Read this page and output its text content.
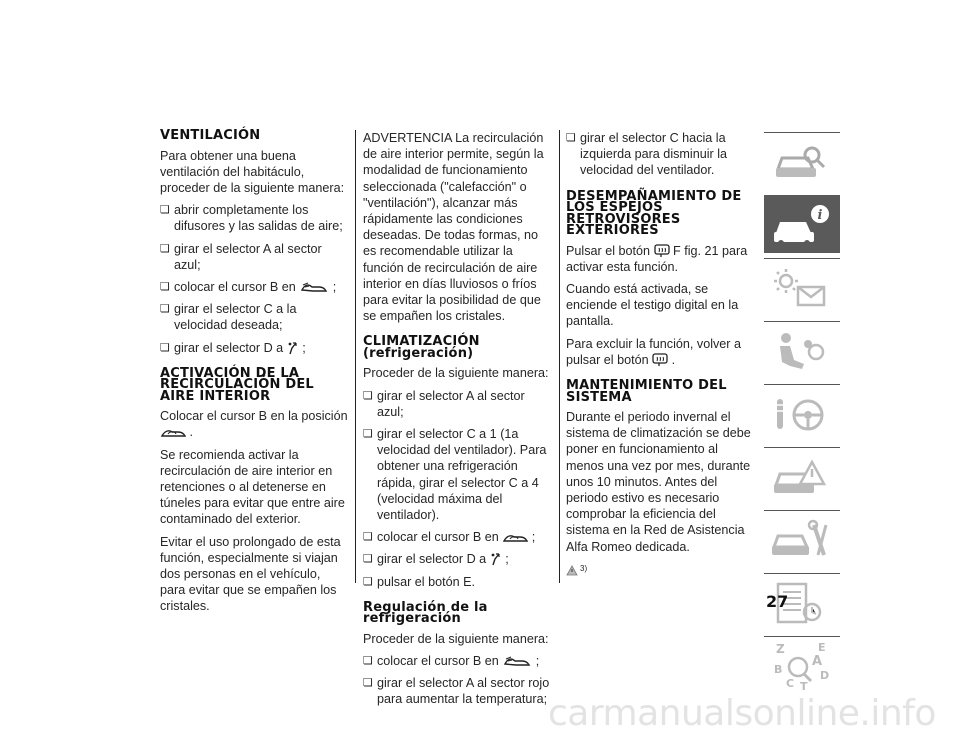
VENTILACIÓN

Para obtener una buena ventilación del habitáculo, proceder de la siguiente manera:

❏ abrir completamente los difusores y las salidas de aire;
❏ girar el selector A al sector azul;
❏ colocar el cursor B en	;
❏ girar el selector C a la velocidad deseada;
❏ girar el selector D a ;
ACTIVACIÓN DE LA RECIRCULACIÓN DEL AIRE INTERIOR

Colocar el cursor B en la posición
.

Se recomienda activar la recirculación de aire interior en retenciones o al detenerse en túneles para evitar que entre aire contaminado del exterior.

Evitar el uso prolongado de esta función, especialmente si viajan dos personas en el vehículo, para evitar que se empañen los cristales.

ADVERTENCIA La recirculación de aire interior permite, según la modalidad de funcionamiento seleccionada ("calefacción" o "ventilación"), alcanzar más rápidamente las condiciones deseadas. De todas formas, no es recomendable utilizar la función de recirculación de aire interior en días lluviosos o fríos para evitar la posibilidad de que se empañen los cristales.

CLIMATIZACIÓN (refrigeración)

Proceder de la siguiente manera:

❏ girar el selector A al sector azul;
❏ girar el selector C a 1 (1a velocidad del ventilador). Para obtener una refrigeración rápida, girar el selector C a 4 (velocidad máxima del ventilador).
❏ colocar el cursor B en	;
❏ girar el selector D a ;
❏ pulsar el botón E.
Regulación de la refrigeración

Proceder de la siguiente manera:

❏ colocar el cursor B en	;
❏ girar el selector A al sector rojo para aumentar la temperatura;
❏ girar el selector C hacia la izquierda para disminuir la velocidad del ventilador.
DESEMPAÑAMIENTO DE LOS ESPEJOS RETROVISORES EXTERIORES

Pulsar el botón F fig. 21 para activar esta función.

Cuando está activada, se enciende el testigo digital en la pantalla.

Para excluir la función, volver a pulsar el botón .

MANTENIMIENTO DEL SISTEMA

Durante el periodo invernal el sistema de climatización se debe poner en funcionamiento al menos una vez por mes, durante unos 10 minutos. Antes del periodo estivo es necesario comprobar la eficiencia del sistema en la Red de Asistencia Alfa Romeo dedicada.

3)

i
Z	E
A
B
C T
D
27
carmanualsonline.info
